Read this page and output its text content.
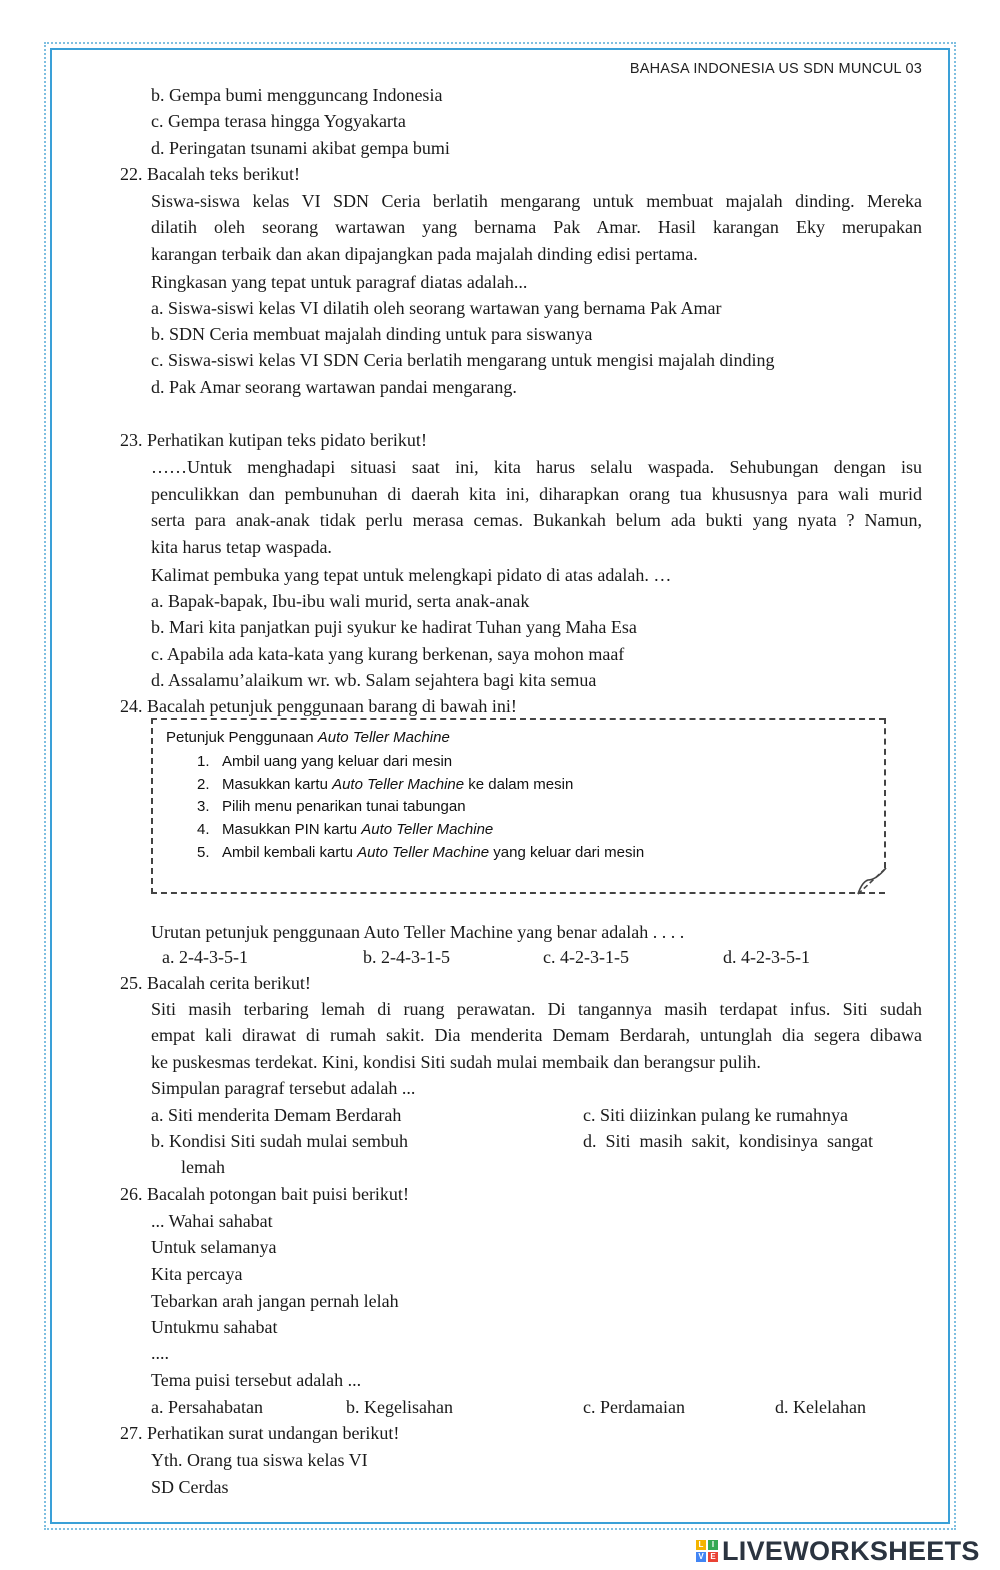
BAHASA INDONESIA US SDN MUNCUL 03
b. Gempa bumi mengguncang Indonesia
c. Gempa terasa hingga Yogyakarta
d. Peringatan tsunami akibat gempa bumi
22. Bacalah teks berikut!
Siswa-siswa kelas VI SDN Ceria berlatih mengarang untuk membuat majalah dinding. Mereka
dilatih oleh seorang wartawan yang bernama Pak Amar. Hasil karangan Eky merupakan
karangan terbaik dan akan dipajangkan pada majalah dinding edisi pertama.
Ringkasan yang tepat untuk paragraf diatas adalah...
a. Siswa-siswi kelas VI dilatih oleh seorang wartawan yang bernama Pak Amar
b. SDN Ceria membuat majalah dinding untuk para siswanya
c. Siswa-siswi kelas VI SDN Ceria berlatih mengarang untuk mengisi majalah dinding
d. Pak Amar seorang wartawan pandai mengarang.
23. Perhatikan kutipan teks pidato berikut!
……Untuk menghadapi situasi saat ini, kita harus selalu waspada. Sehubungan dengan isu
penculikkan dan pembunuhan di daerah kita ini, diharapkan orang tua khususnya para wali murid
serta para anak-anak tidak perlu merasa cemas. Bukankah belum ada bukti yang nyata ? Namun,
kita harus tetap waspada.
Kalimat pembuka yang tepat untuk melengkapi pidato di atas adalah. …
a. Bapak-bapak, Ibu-ibu wali murid, serta anak-anak
b. Mari kita panjatkan puji syukur ke hadirat Tuhan yang Maha Esa
c. Apabila ada kata-kata yang kurang berkenan, saya mohon maaf
d. Assalamu’alaikum wr. wb. Salam sejahtera bagi kita semua
24. Bacalah petunjuk penggunaan barang di bawah ini!
Petunjuk Penggunaan Auto Teller Machine
1. Ambil uang yang keluar dari mesin
2. Masukkan kartu Auto Teller Machine ke dalam mesin
3. Pilih menu penarikan tunai tabungan
4. Masukkan PIN kartu Auto Teller Machine
5. Ambil kembali kartu Auto Teller Machine yang keluar dari mesin
Urutan petunjuk penggunaan Auto Teller Machine yang benar adalah . . . .
a. 2-4-3-5-1	b. 2-4-3-1-5	c. 4-2-3-1-5	d. 4-2-3-5-1
25. Bacalah cerita berikut!
Siti masih terbaring lemah di ruang perawatan. Di tangannya masih terdapat infus. Siti sudah
empat kali dirawat di rumah sakit. Dia menderita Demam Berdarah, untunglah dia segera dibawa
ke puskesmas terdekat. Kini, kondisi Siti sudah mulai membaik dan berangsur pulih.
Simpulan paragraf tersebut adalah ...
a. Siti menderita Demam Berdarah	c. Siti diizinkan pulang ke rumahnya
b. Kondisi Siti sudah mulai sembuh	d.  Siti  masih  sakit,  kondisinya  sangat
lemah
26. Bacalah potongan bait puisi berikut!
... Wahai sahabat
Untuk selamanya
Kita percaya
Tebarkan arah jangan pernah lelah
Untukmu sahabat
....
Tema puisi tersebut adalah ...
a. Persahabatan	b. Kegelisahan	c. Perdamaian	d. Kelelahan
27. Perhatikan surat undangan berikut!
Yth. Orang tua siswa kelas VI
SD Cerdas
L	I
V E LIVEWORKSHEETS
